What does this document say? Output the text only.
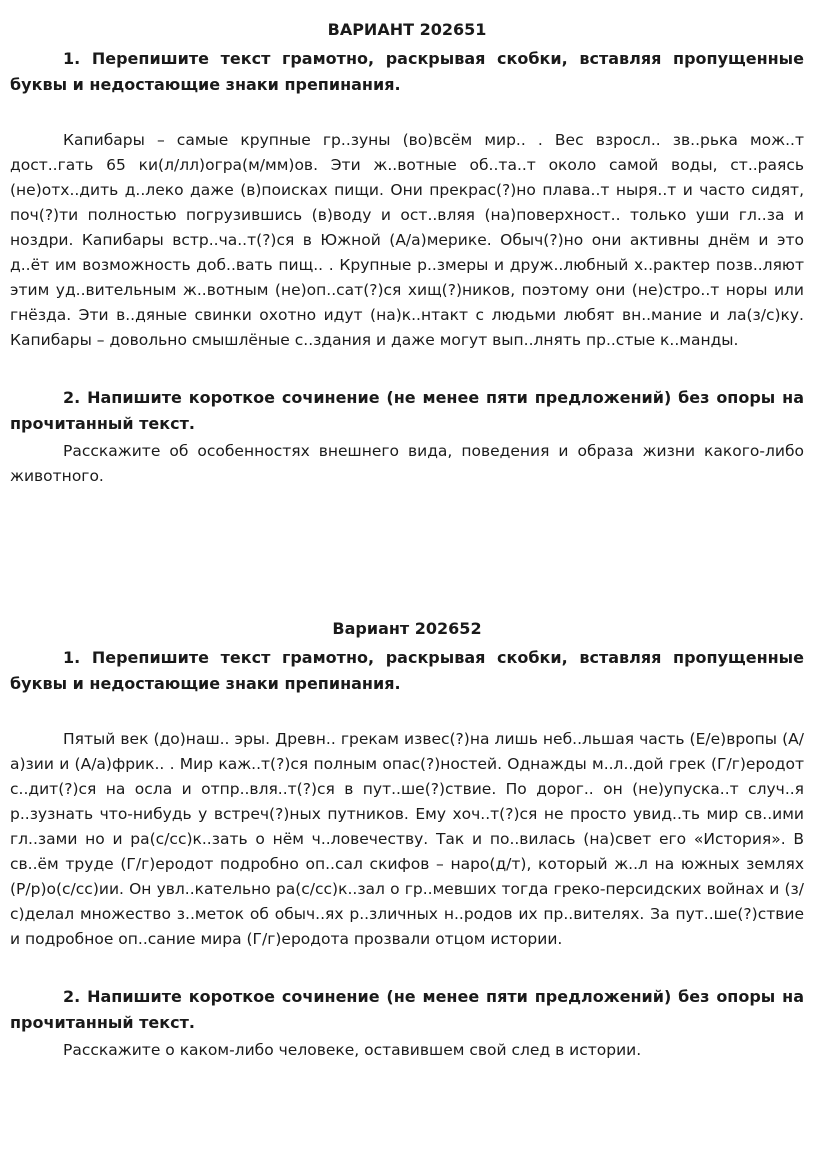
ВАРИАНТ 202651

1. Перепишите текст грамотно, раскрывая скобки, вставляя пропущенные буквы и недостающие знаки препинания.

Капибары – самые крупные гр..зуны (во)всём мир.. . Вес взросл.. зв..рька мож..т дост..гать 65 ки(л/лл)огра(м/мм)ов. Эти ж..вотные об..та..т около самой воды, ст..раясь (не)отх..дить д..леко даже (в)поисках пищи. Они прекрас(?)но плава..т ныря..т и часто сидят, поч(?)ти полностью погрузившись (в)воду и ост..вляя (на)поверхност.. только уши гл..за и ноздри. Капибары встр..ча..т(?)ся в Южной (А/а)мерике. Обыч(?)но они активны днём и это д..ёт им возможность доб..вать пищ.. . Крупные р..змеры и друж..любный х..рактер позв..ляют этим уд..вительным ж..вотным (не)оп..сат(?)ся хищ(?)ников, поэтому они (не)стро..т норы или гнёзда. Эти в..дяные свинки охотно идут (на)к..нтакт с людьми любят вн..мание и ла(з/с)ку. Капибары – довольно смышлёные с..здания и даже могут вып..лнять пр..стые к..манды.

2. Напишите короткое сочинение (не менее пяти предложений) без опоры на прочитанный текст.

Расскажите об особенностях внешнего вида, поведения и образа жизни какого-либо животного.

Вариант 202652

1. Перепишите текст грамотно, раскрывая скобки, вставляя пропущенные буквы и недостающие знаки препинания.

Пятый век (до)наш.. эры. Древн.. грекам извес(?)на лишь неб..льшая часть (Е/е)вропы (А/а)зии и (А/а)фрик.. . Мир каж..т(?)ся полным опас(?)ностей. Однажды м..л..дой грек (Г/г)еродот с..дит(?)ся на осла и отпр..вля..т(?)ся в пут..ше(?)ствие. По дорог.. он (не)упуска..т случ..я р..зузнать что-нибудь у встреч(?)ных путников. Ему хоч..т(?)ся не просто увид..ть мир св..ими гл..зами но и ра(с/сс)к..зать о нём ч..ловечеству. Так и по..вилась (на)свет его «История». В св..ём труде (Г/г)еродот подробно оп..сал скифов – наро(д/т), который ж..л на южных землях (Р/р)о(с/сс)ии. Он увл..кательно ра(с/сс)к..зал о гр..мевших тогда греко-персидских войнах и (з/с)делал множество з..меток об обыч..ях р..зличных н..родов их пр..вителях. За пут..ше(?)ствие и подробное оп..сание мира (Г/г)еродота прозвали отцом истории.

2. Напишите короткое сочинение (не менее пяти предложений) без опоры на прочитанный текст.

Расскажите о каком-либо человеке, оставившем свой след в истории.
